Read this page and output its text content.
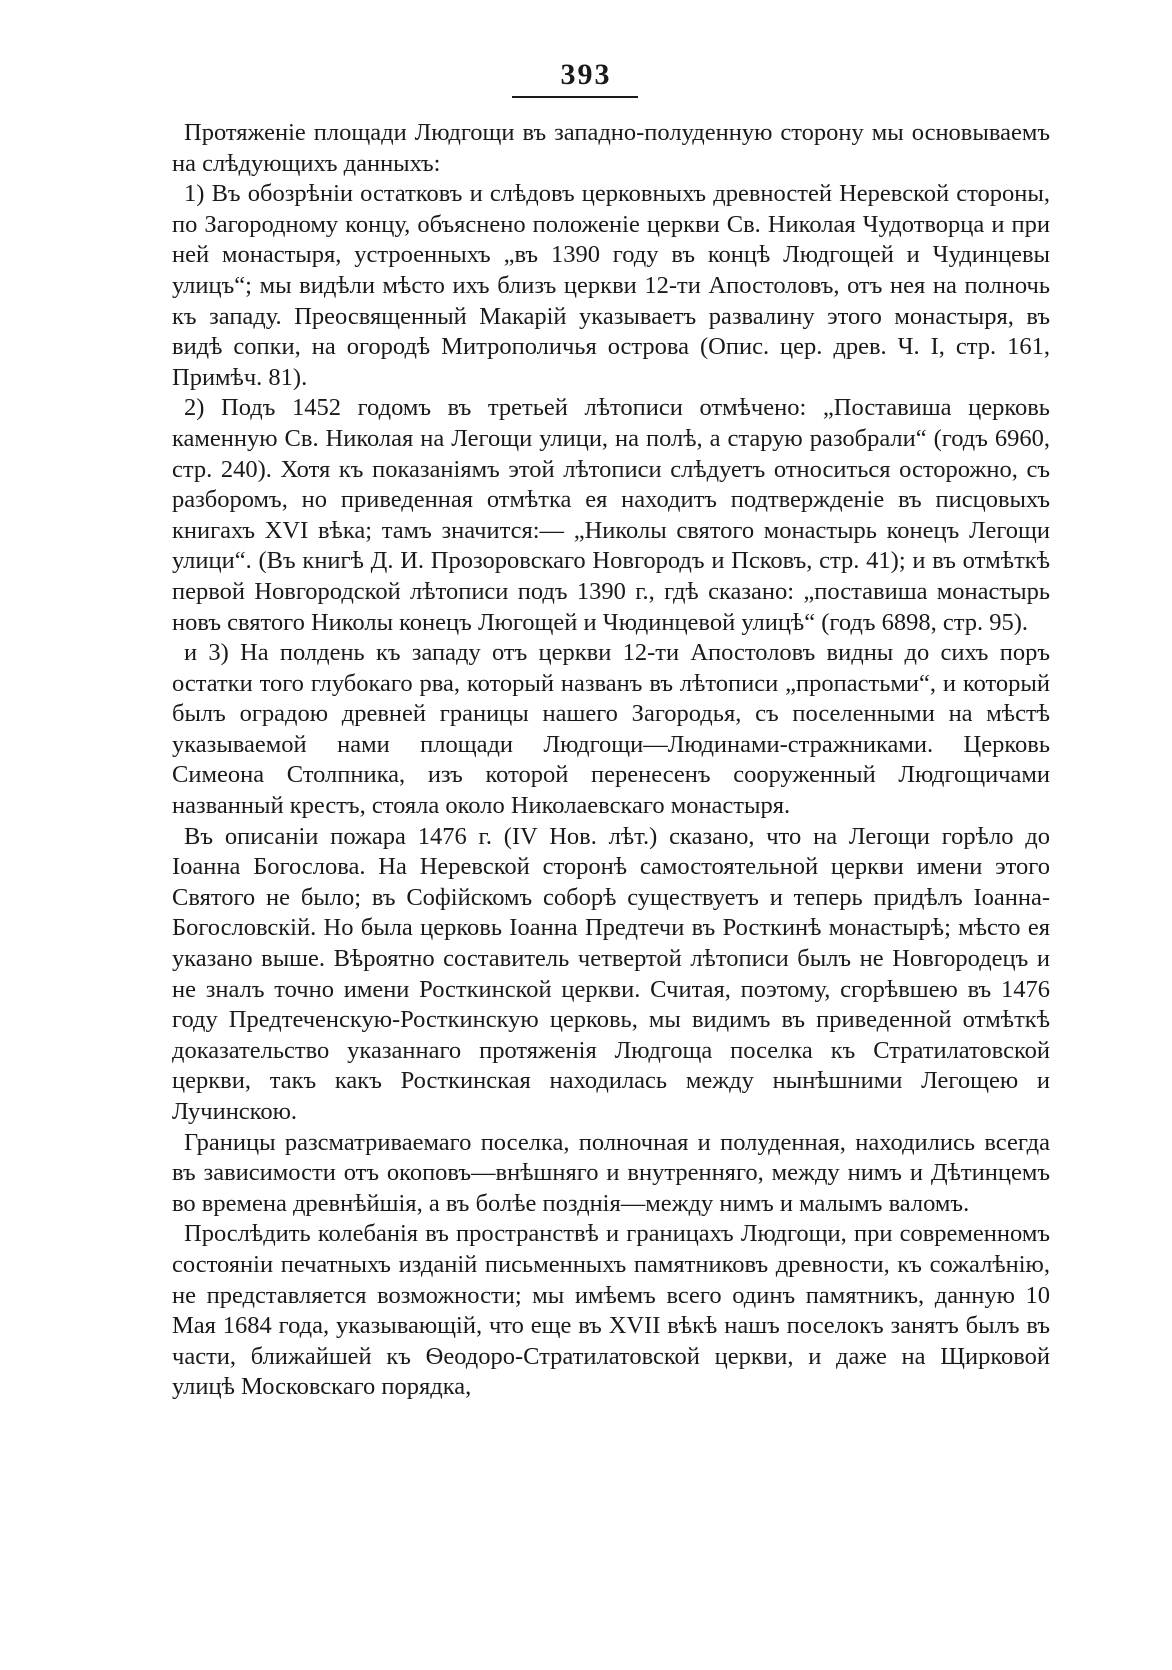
393

Протяженіе площади Людгощи въ западно-полуденную сторону мы основываемъ на слѣдующихъ данныхъ:

1) Въ обозрѣніи остатковъ и слѣдовъ церковныхъ древностей Неревской стороны, по Загородному концу, объяснено положеніе церкви Св. Николая Чудотворца и при ней монастыря, устроенныхъ „въ 1390 году въ концѣ Людгощей и Чудинцевы улицъ“; мы видѣли мѣсто ихъ близъ церкви 12-ти Апостоловъ, отъ нея на полночь къ западу. Преосвященный Макарій указываетъ развалину этого монастыря, въ видѣ сопки, на огородѣ Митрополичья острова (Опис. цер. древ. Ч. I, стр. 161, Примѣч. 81).

2) Подъ 1452 годомъ въ третьей лѣтописи отмѣчено: „Поставиша церковь каменную Св. Николая на Легощи улици, на полѣ, а старую разобрали“ (годъ 6960, стр. 240). Хотя къ показаніямъ этой лѣтописи слѣдуетъ относиться осторожно, съ разборомъ, но приведенная отмѣтка ея находитъ подтвержденіе въ писцовыхъ книгахъ XVI вѣка; тамъ значится:— „Николы святого монастырь конецъ Легощи улици“. (Въ книгѣ Д. И. Прозоровскаго Новгородъ и Псковъ, стр. 41); и въ отмѣткѣ первой Новгородской лѣтописи подъ 1390 г., гдѣ сказано: „поставиша монастырь новъ святого Николы конецъ Люгощей и Чюдинцевой улицѣ“ (годъ 6898, стр. 95).

и 3) На полдень къ западу отъ церкви 12-ти Апостоловъ видны до сихъ поръ остатки того глубокаго рва, который названъ въ лѣтописи „пропастьми“, и который былъ оградою древней границы нашего Загородья, съ поселенными на мѣстѣ указываемой нами площади Людгощи—Людинами-стражниками. Церковь Симеона Столпника, изъ которой перенесенъ сооруженный Людгощичами названный крестъ, стояла около Николаевскаго монастыря.

Въ описаніи пожара 1476 г. (IV Нов. лѣт.) сказано, что на Легощи горѣло до Іоанна Богослова. На Неревской сторонѣ самостоятельной церкви имени этого Святого не было; въ Софійскомъ соборѣ существуетъ и теперь придѣлъ Іоанна-Богословскій. Но была церковь Іоанна Предтечи въ Росткинѣ монастырѣ; мѣсто ея указано выше. Вѣроятно составитель четвертой лѣтописи былъ не Новгородецъ и не зналъ точно имени Росткинской церкви. Считая, поэтому, сгорѣвшею въ 1476 году Предтеченскую-Росткинскую церковь, мы видимъ въ приведенной отмѣткѣ доказательство указаннаго протяженія Людгоща поселка къ Стратилатовской церкви, такъ какъ Росткинская находилась между нынѣшними Легощею и Лучинскою.

Границы разсматриваемаго поселка, полночная и полуденная, находились всегда въ зависимости отъ окоповъ—внѣшняго и внутренняго, между нимъ и Дѣтинцемъ во времена древнѣйшія, а въ болѣе позднія—между нимъ и малымъ валомъ.

Прослѣдить колебанія въ пространствѣ и границахъ Людгощи, при современномъ состояніи печатныхъ изданій письменныхъ памятниковъ древности, къ сожалѣнію, не представляется возможности; мы имѣемъ всего одинъ памятникъ, данную 10 Мая 1684 года, указывающій, что еще въ XVII вѣкѣ нашъ поселокъ занятъ былъ въ части, ближайшей къ Ѳеодоро-Стратилатовской церкви, и даже на Щирковой улицѣ Московскаго порядка,
